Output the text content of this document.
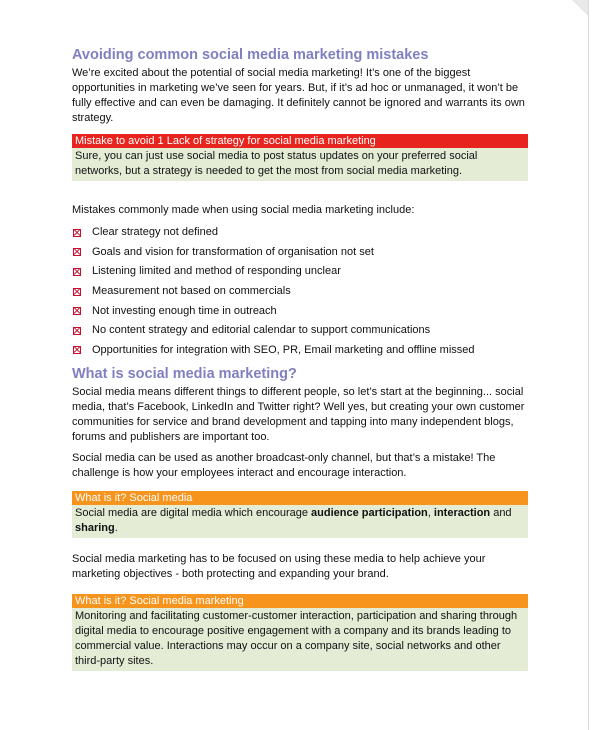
Avoiding common social media marketing mistakes

We’re excited about the potential of social media marketing! It’s one of the biggest opportunities in marketing we’ve seen for years. But, if it’s ad hoc or unmanaged, it won’t be fully effective and can even be damaging. It definitely cannot be ignored and warrants its own strategy.

Mistake to avoid 1 Lack of strategy for social media marketing
Sure, you can just use social media to post status updates on your preferred social networks, but a strategy is needed to get the most from social media marketing.

Mistakes commonly made when using social media marketing include:

Clear strategy not defined
Goals and vision for transformation of organisation not set
Listening limited and method of responding unclear
Measurement not based on commercials
Not investing enough time in outreach
No content strategy and editorial calendar to support communications
Opportunities for integration with SEO, PR, Email marketing and offline missed
What is social media marketing?

Social media means different things to different people, so let’s start at the beginning... social media, that’s Facebook, LinkedIn and Twitter right? Well yes, but creating your own customer communities for service and brand development and tapping into many independent blogs, forums and publishers are important too.

Social media can be used as another broadcast-only channel, but that’s a mistake! The challenge is how your employees interact and encourage interaction.

What is it? Social media
Social media are digital media which encourage audience participation, interaction and sharing.

Social media marketing has to be focused on using these media to help achieve your marketing objectives - both protecting and expanding your brand.

What is it? Social media marketing
Monitoring and facilitating customer-customer interaction, participation and sharing through digital media to encourage positive engagement with a company and its brands leading to commercial value. Interactions may occur on a company site, social networks and other third-party sites.
